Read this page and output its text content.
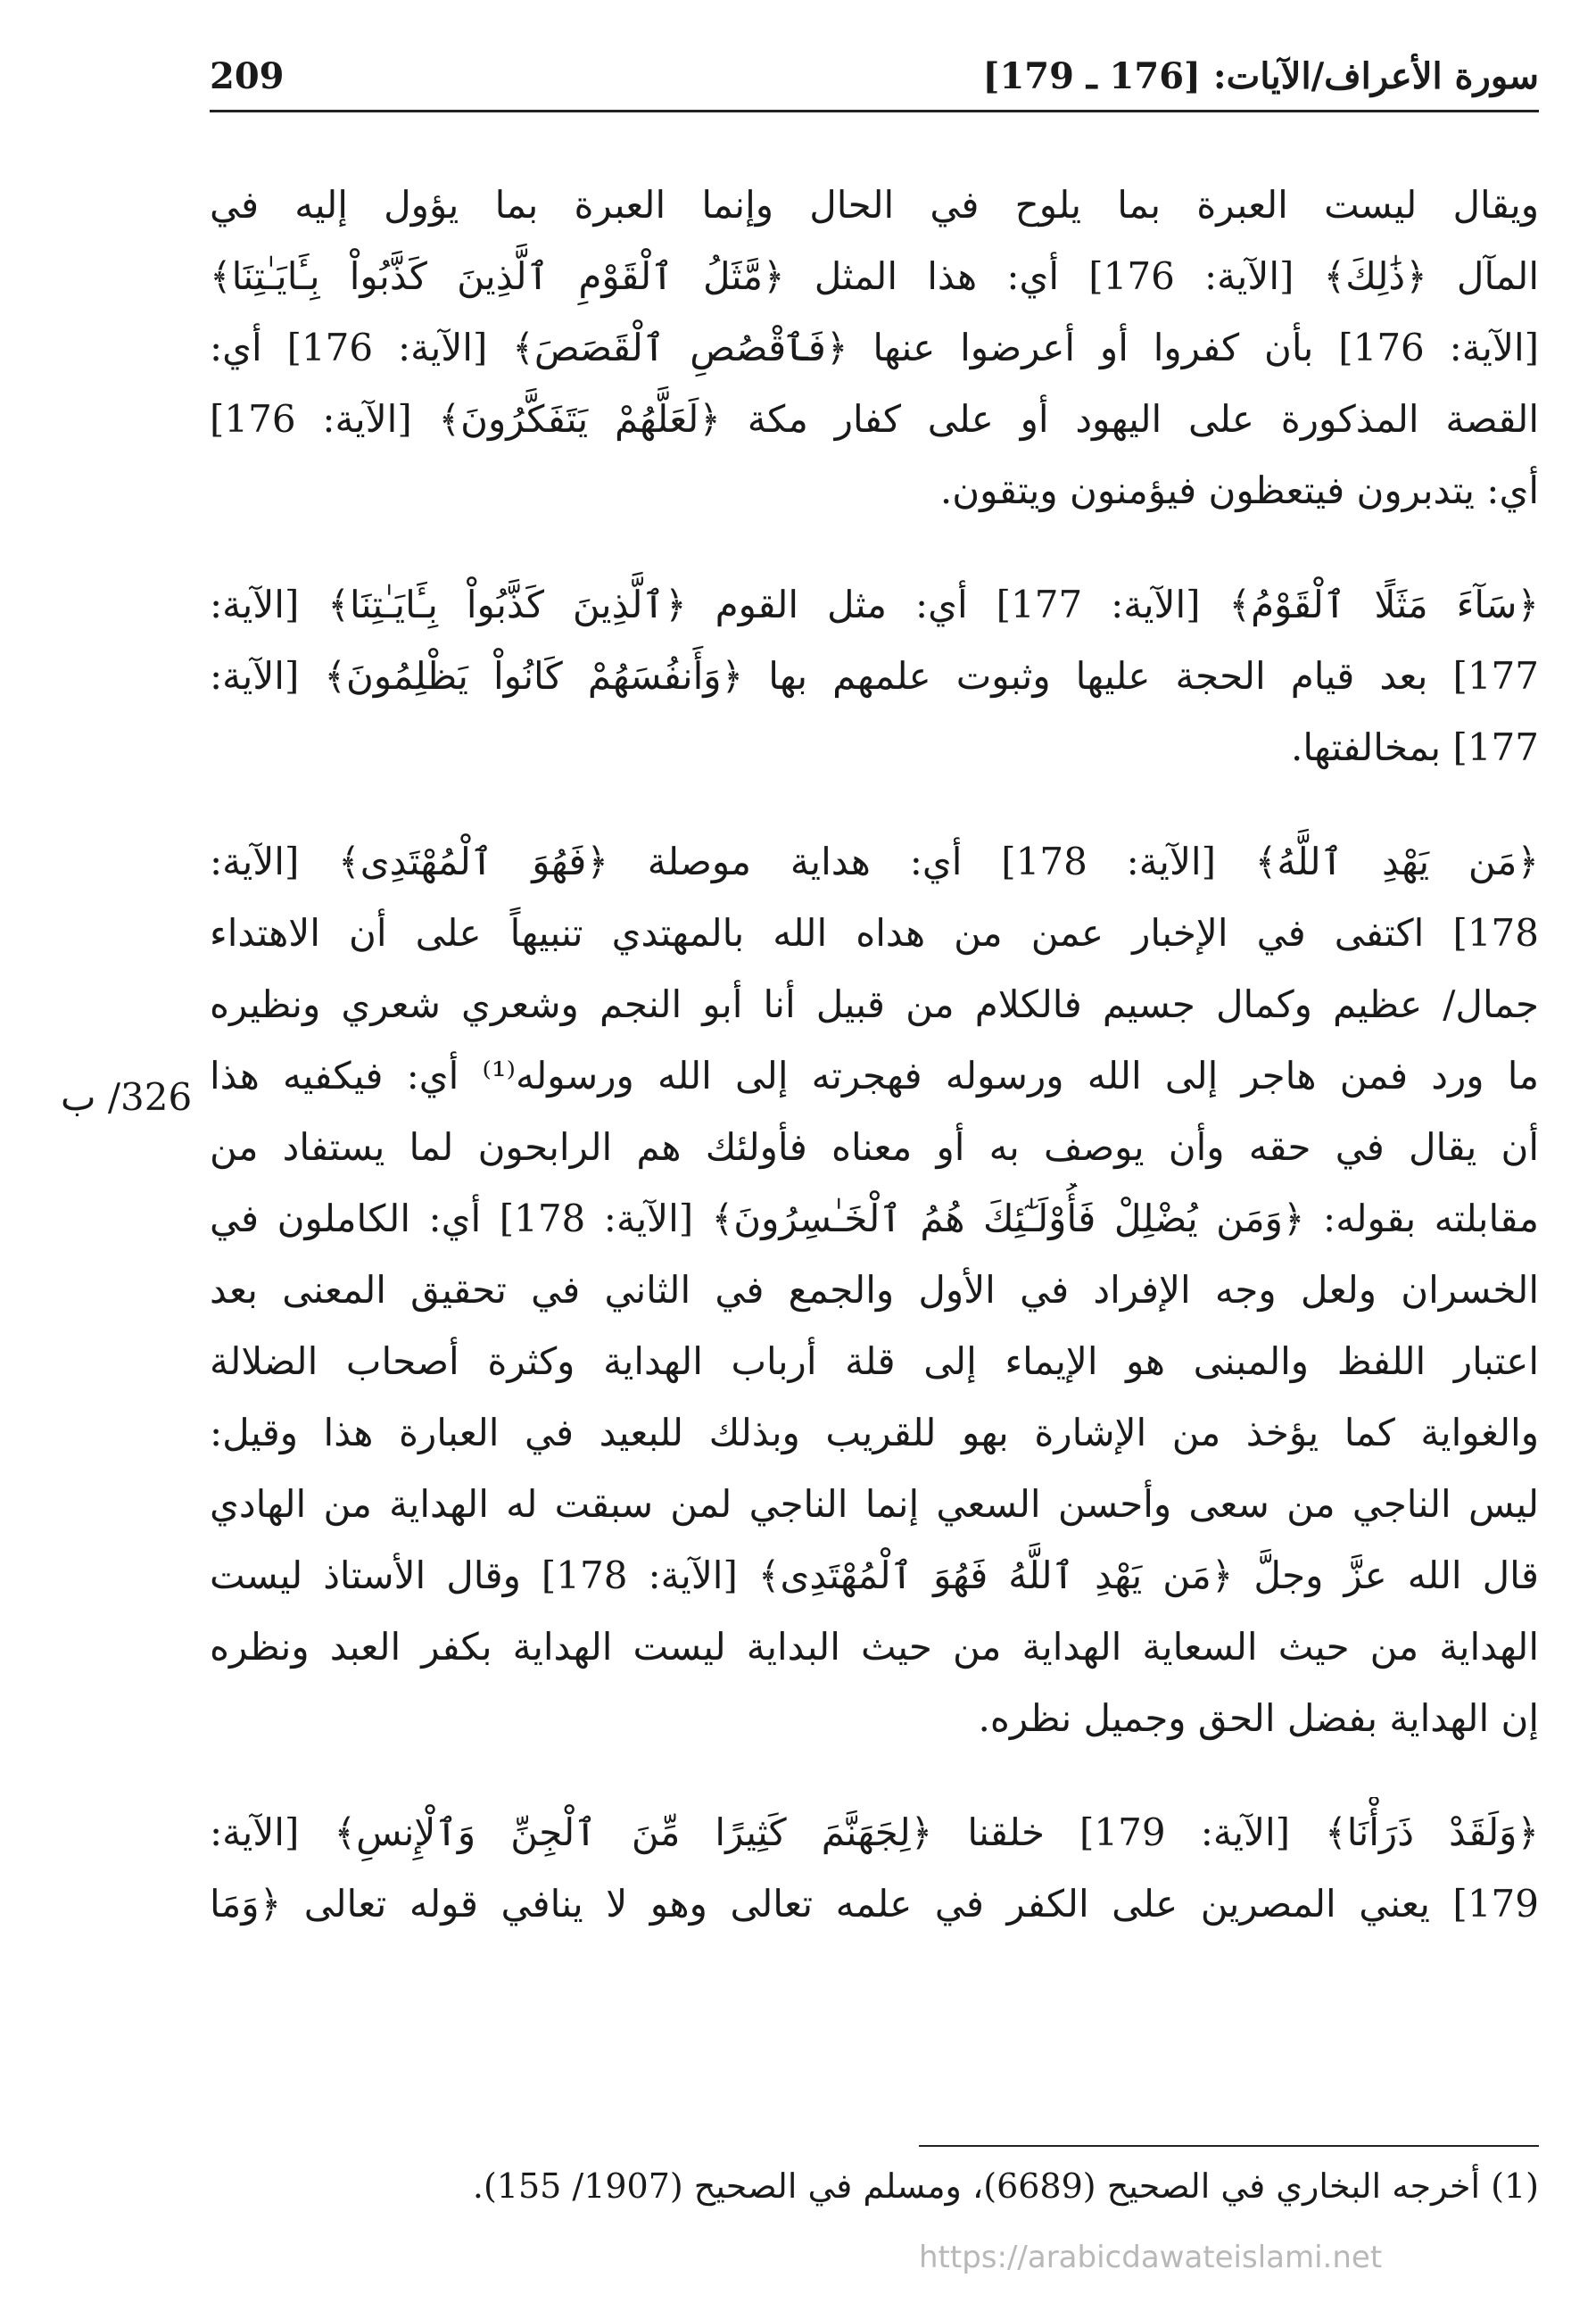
209	سورة الأعراف/الآيات: [176 ـ 179]

ويقال ليست العبرة بما يلوح في الحال وإنما العبرة بما يؤول إليه في
المآل ﴿ذَٰلِكَ﴾ [الآية: 176] أي: هذا المثل ﴿مَّثَلُ ٱلْقَوْمِ ٱلَّذِينَ كَذَّبُواْ بِـَٔايَـٰتِنَا﴾
[الآية: 176] بأن كفروا أو أعرضوا عنها ﴿فَٱقْصُصِ ٱلْقَصَصَ﴾ [الآية: 176] أي:
القصة المذكورة على اليهود أو على كفار مكة ﴿لَعَلَّهُمْ يَتَفَكَّرُونَ﴾ [الآية: 176]
أي: يتدبرون فيتعظون فيؤمنون ويتقون.

﴿سَآءَ مَثَلًا ٱلْقَوْمُ﴾ [الآية: 177] أي: مثل القوم ﴿ٱلَّذِينَ كَذَّبُواْ بِـَٔايَـٰتِنَا﴾ [الآية:
177] بعد قيام الحجة عليها وثبوت علمهم بها ﴿وَأَنفُسَهُمْ كَانُواْ يَظْلِمُونَ﴾ [الآية:
177] بمخالفتها.

﴿مَن يَهْدِ ٱللَّهُ﴾ [الآية: 178] أي: هداية موصلة ﴿فَهُوَ ٱلْمُهْتَدِى﴾ [الآية:
178] اكتفى في الإخبار عمن من هداه الله بالمهتدي تنبيهاً على أن الاهتداء
جمال/ عظيم وكمال جسيم فالكلام من قبيل أنا أبو النجم وشعري شعري ونظيره
ما ورد فمن هاجر إلى الله ورسوله فهجرته إلى الله ورسوله⁽¹⁾ أي: فيكفيه هذا
أن يقال في حقه وأن يوصف به أو معناه فأولئك هم الرابحون لما يستفاد من
مقابلته بقوله: ﴿وَمَن يُضْلِلْ فَأُوْلَـٰٓئِكَ هُمُ ٱلْخَـٰسِرُونَ﴾ [الآية: 178] أي: الكاملون في
الخسران ولعل وجه الإفراد في الأول والجمع في الثاني في تحقيق المعنى بعد
اعتبار اللفظ والمبنى هو الإيماء إلى قلة أرباب الهداية وكثرة أصحاب الضلالة
والغواية كما يؤخذ من الإشارة بهو للقريب وبذلك للبعيد في العبارة هذا وقيل:
ليس الناجي من سعى وأحسن السعي إنما الناجي لمن سبقت له الهداية من الهادي
قال الله عزَّ وجلَّ ﴿مَن يَهْدِ ٱللَّهُ فَهُوَ ٱلْمُهْتَدِى﴾ [الآية: 178] وقال الأستاذ ليست
الهداية من حيث السعاية الهداية من حيث البداية ليست الهداية بكفر العبد ونظره
إن الهداية بفضل الحق وجميل نظره.

﴿وَلَقَدْ ذَرَأْنَا﴾ [الآية: 179] خلقنا ﴿لِجَهَنَّمَ كَثِيرًا مِّنَ ٱلْجِنِّ وَٱلْإِنسِ﴾ [الآية:
179] يعني المصرين على الكفر في علمه تعالى وهو لا ينافي قوله تعالى ﴿وَمَا

326/ ب
(1) أخرجه البخاري في الصحيح (6689)، ومسلم في الصحيح (1907/ 155).
https://arabicdawateislami.net
